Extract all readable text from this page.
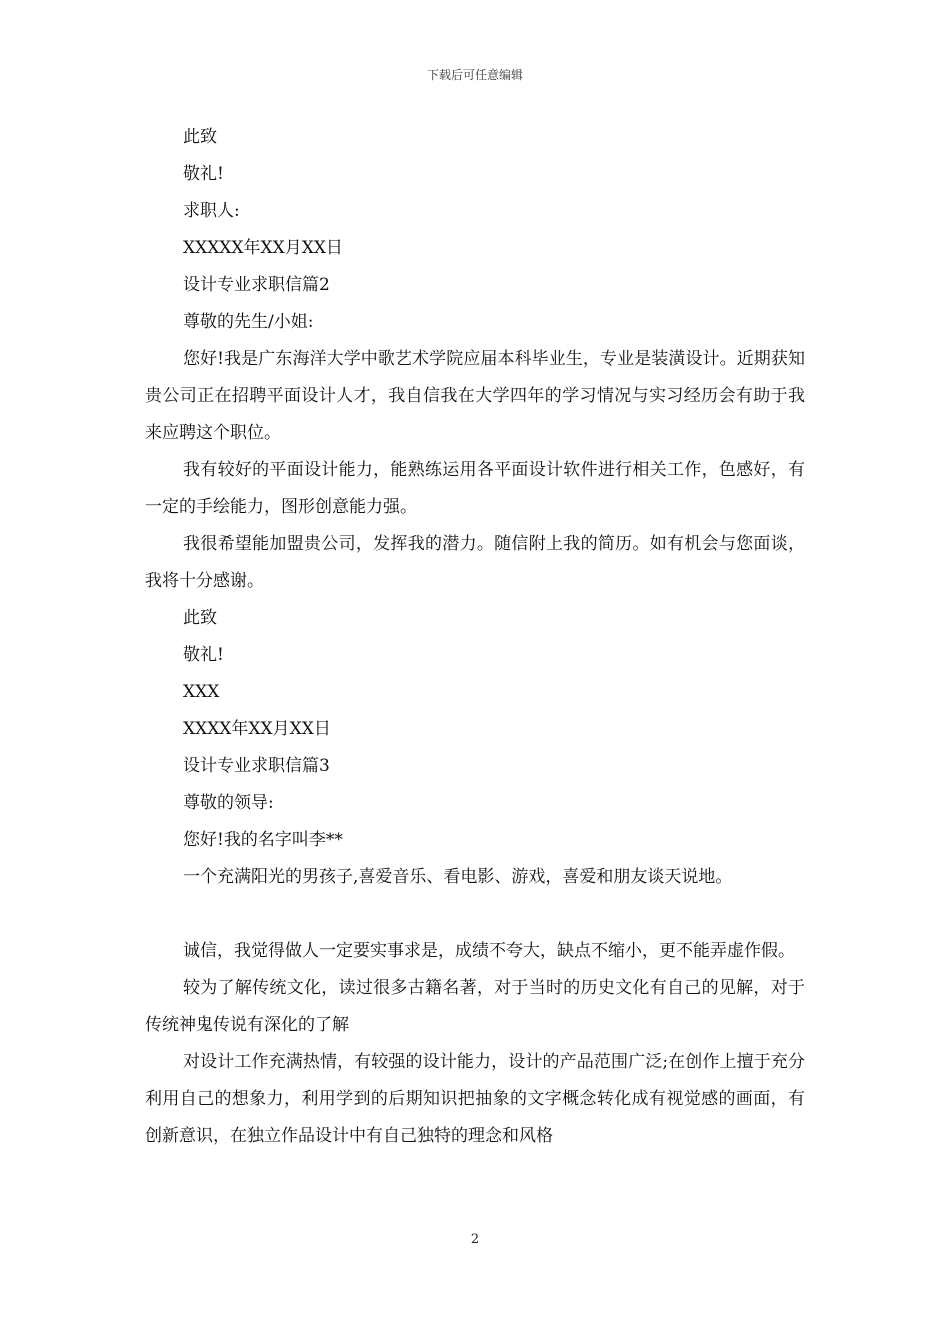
下载后可任意编辑

此致

敬礼!

求职人:

XXXXX年XX月XX日

设计专业求职信篇2

尊敬的先生/小姐:

您好!我是广东海洋大学中歌艺术学院应届本科毕业生，专业是装潢设计。近期获知贵公司正在招聘平面设计人才，我自信我在大学四年的学习情况与实习经历会有助于我来应聘这个职位。

我有较好的平面设计能力，能熟练运用各平面设计软件进行相关工作，色感好，有一定的手绘能力，图形创意能力强。

我很希望能加盟贵公司，发挥我的潜力。随信附上我的简历。如有机会与您面谈，我将十分感谢。

此致

敬礼!

XXX

XXXX年XX月XX日

设计专业求职信篇3

尊敬的领导:

您好!我的名字叫李**

一个充满阳光的男孩子,喜爱音乐、看电影、游戏，喜爱和朋友谈天说地。

诚信，我觉得做人一定要实事求是，成绩不夸大，缺点不缩小，更不能弄虚作假。

较为了解传统文化，读过很多古籍名著，对于当时的历史文化有自己的见解，对于传统神鬼传说有深化的了解

对设计工作充满热情，有较强的设计能力，设计的产品范围广泛;在创作上擅于充分利用自己的想象力，利用学到的后期知识把抽象的文字概念转化成有视觉感的画面，有创新意识，在独立作品设计中有自己独特的理念和风格

2
